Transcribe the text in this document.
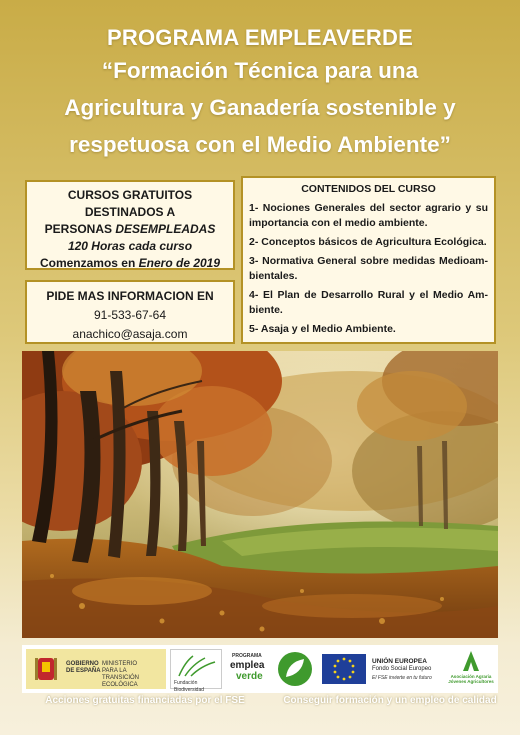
PROGRAMA EMPLEAVERDE
“Formación Técnica para una
Agricultura y Ganadería sostenible y
respetuosa con el Medio Ambiente”
CURSOS GRATUITOS DESTINADOS A
PERSONAS DESEMPLEADAS
120 Horas cada curso
Comenzamos en Enero de 2019
PIDE MAS INFORMACION EN
91-533-67-64
anachico@asaja.com
CONTENIDOS DEL CURSO
1- Nociones Generales del sector agrario y su importancia con el medio ambiente.
2- Conceptos básicos de Agricultura Ecológica.
3- Normativa General sobre medidas Medioam-bientales.
4- El Plan de Desarrollo Rural y el Medio Am-biente.
5- Asaja y el Medio Ambiente.
GOBIERNO
DE ESPAÑA
MINISTERIO
PARA LA TRANSICIÓN ECOLÓGICA	Fundación Biodiversidad
PROGRAMA
emplea
verde
UNIÓN EUROPEA
Fondo Social Europeo
El FSE invierte en tu futuro	Asociación Agraria
Jóvenes Agricultores
Acciones gratuitas financiadas por el FSE	Conseguir formación y un empleo de calidad
